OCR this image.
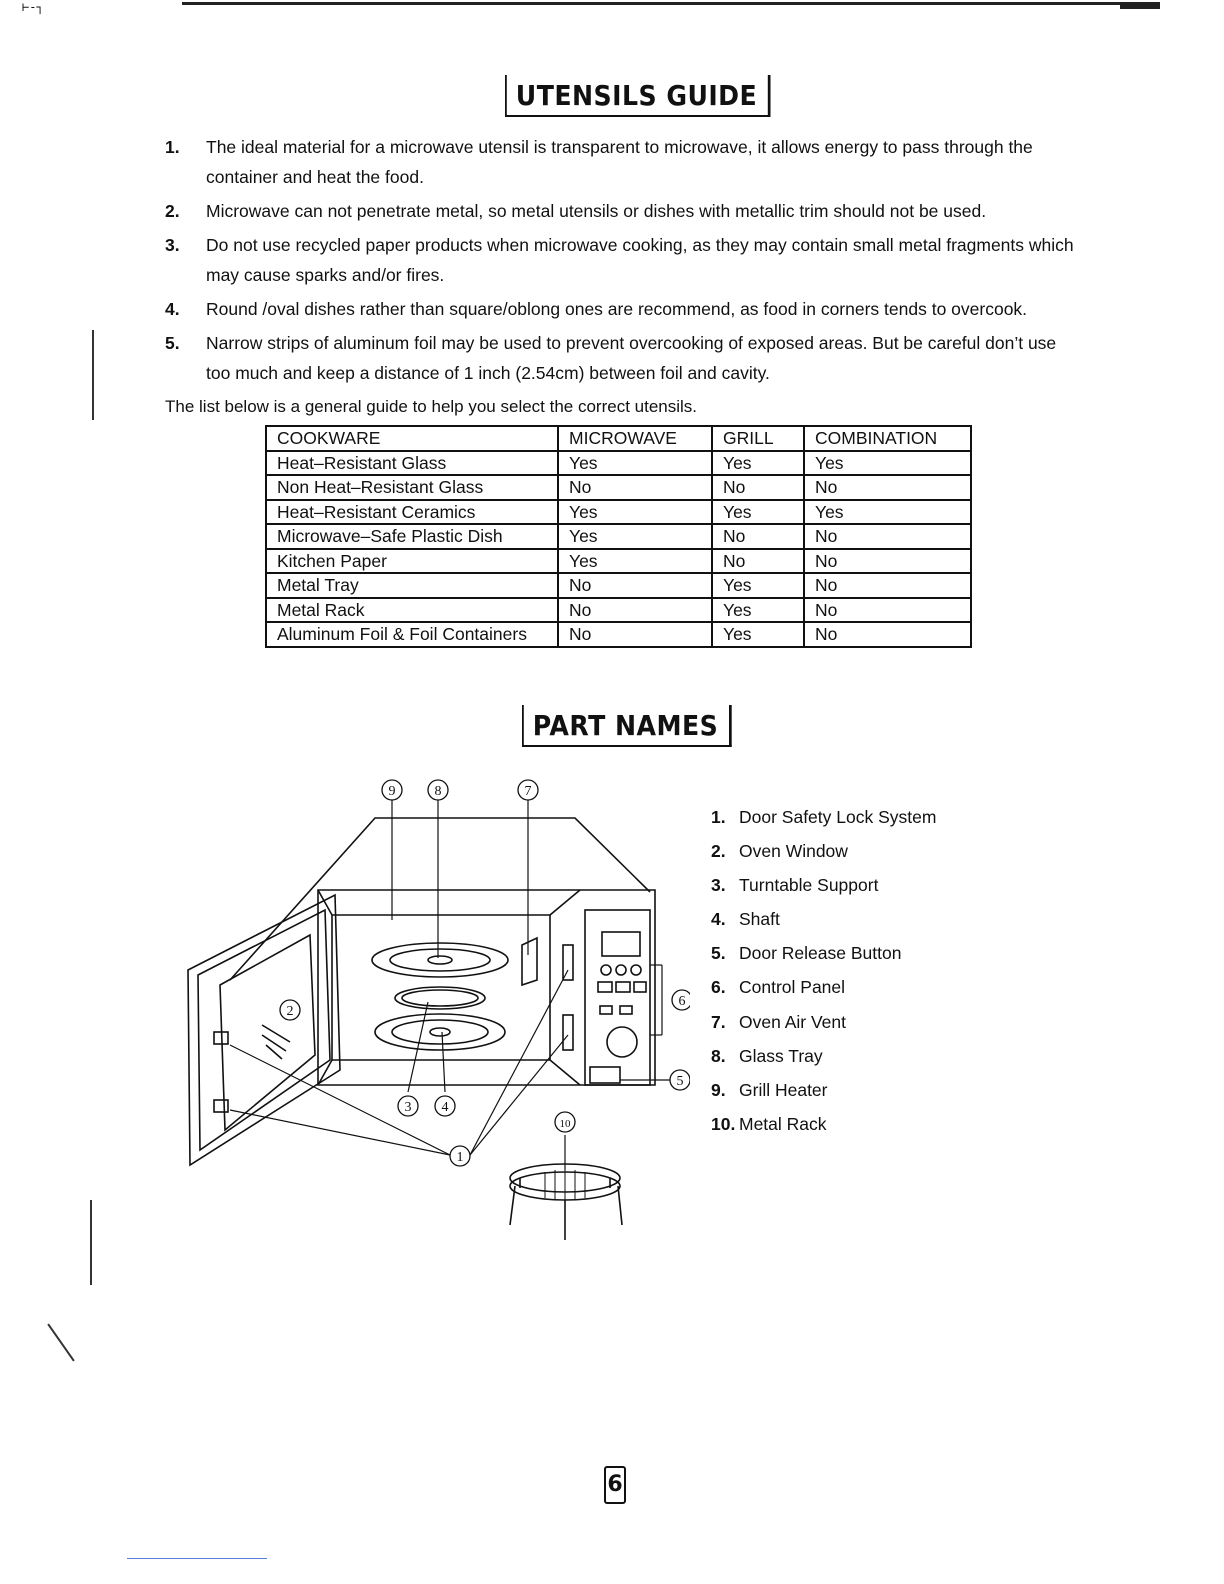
⊢-┐
UTENSILS GUIDE
1. The ideal material for a microwave utensil is transparent to microwave, it allows energy to pass through the container and heat the food.
2. Microwave can not penetrate metal, so metal utensils or dishes with metallic trim should not be used.
3. Do not use recycled paper products when microwave cooking, as they may contain small metal fragments which may cause sparks and/or fires.
4. Round /oval dishes rather than square/oblong ones are recommend, as food in corners tends to overcook.
5. Narrow strips of aluminum foil may be used to prevent overcooking of exposed areas. But be careful don’t use too much and keep a distance of 1 inch (2.54cm) between foil and cavity.
The list below is a general guide to help you select the correct utensils.
COOKWARE	MICROWAVE	GRILL	COMBINATION
Heat–Resistant Glass	Yes	Yes	Yes
Non Heat–Resistant Glass	No	No	No
Heat–Resistant Ceramics	Yes	Yes	Yes
Microwave–Safe Plastic Dish	Yes	No	No
Kitchen Paper	Yes	No	No
Metal Tray	No	Yes	No
Metal Rack	No	Yes	No
Aluminum Foil & Foil Containers	No	Yes	No
PART NAMES
9	8	7
2
3 4
6
5
1
10
1. Door Safety Lock System
2. Oven Window
3. Turntable Support
4. Shaft
5. Door Release Button
6. Control Panel
7. Oven Air Vent
8. Glass Tray
9. Grill Heater
10. Metal Rack
6
